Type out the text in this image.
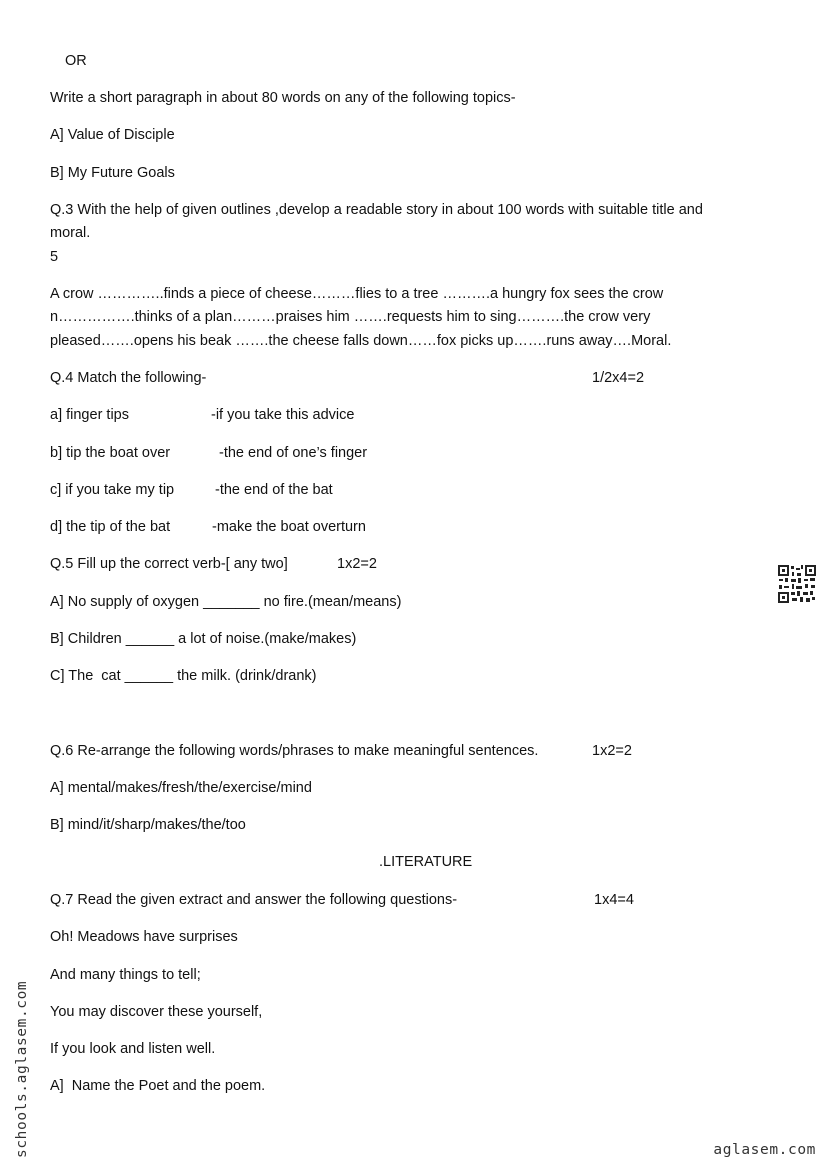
OR
Write a short paragraph in about 80 words on any of the following topics-
A] Value of Disciple
B] My Future Goals
Q.3 With the help of given outlines ,develop a readable story in about 100 words with suitable title and
moral.
5
A crow …………..finds a piece of cheese………flies to a tree ……….a hungry fox sees the crow
n…………….thinks of a plan………praises him …….requests him to sing……….the crow very
pleased…….opens his beak …….the cheese falls down……fox picks up…….runs away….Moral.
Q.4 Match the following-	1/2x4=2
a] finger tips	-if you take this advice
b] tip the boat over	-the end of one’s finger
c] if you take my tip	-the end of the bat
d] the tip of the bat	-make the boat overturn
Q.5 Fill up the correct verb-[ any two]	1x2=2
A] No supply of oxygen _______ no fire.(mean/means)
B] Children ______ a lot of noise.(make/makes)
C] The  cat ______ the milk. (drink/drank)
Q.6 Re-arrange the following words/phrases to make meaningful sentences.	1x2=2
A] mental/makes/fresh/the/exercise/mind
B] mind/it/sharp/makes/the/too
.LITERATURE
Q.7 Read the given extract and answer the following questions-	1x4=4
Oh! Meadows have surprises
And many things to tell;
You may discover these yourself,
If you look and listen well.
A]  Name the Poet and the poem.
schools.aglasem.com	aglasem.com
